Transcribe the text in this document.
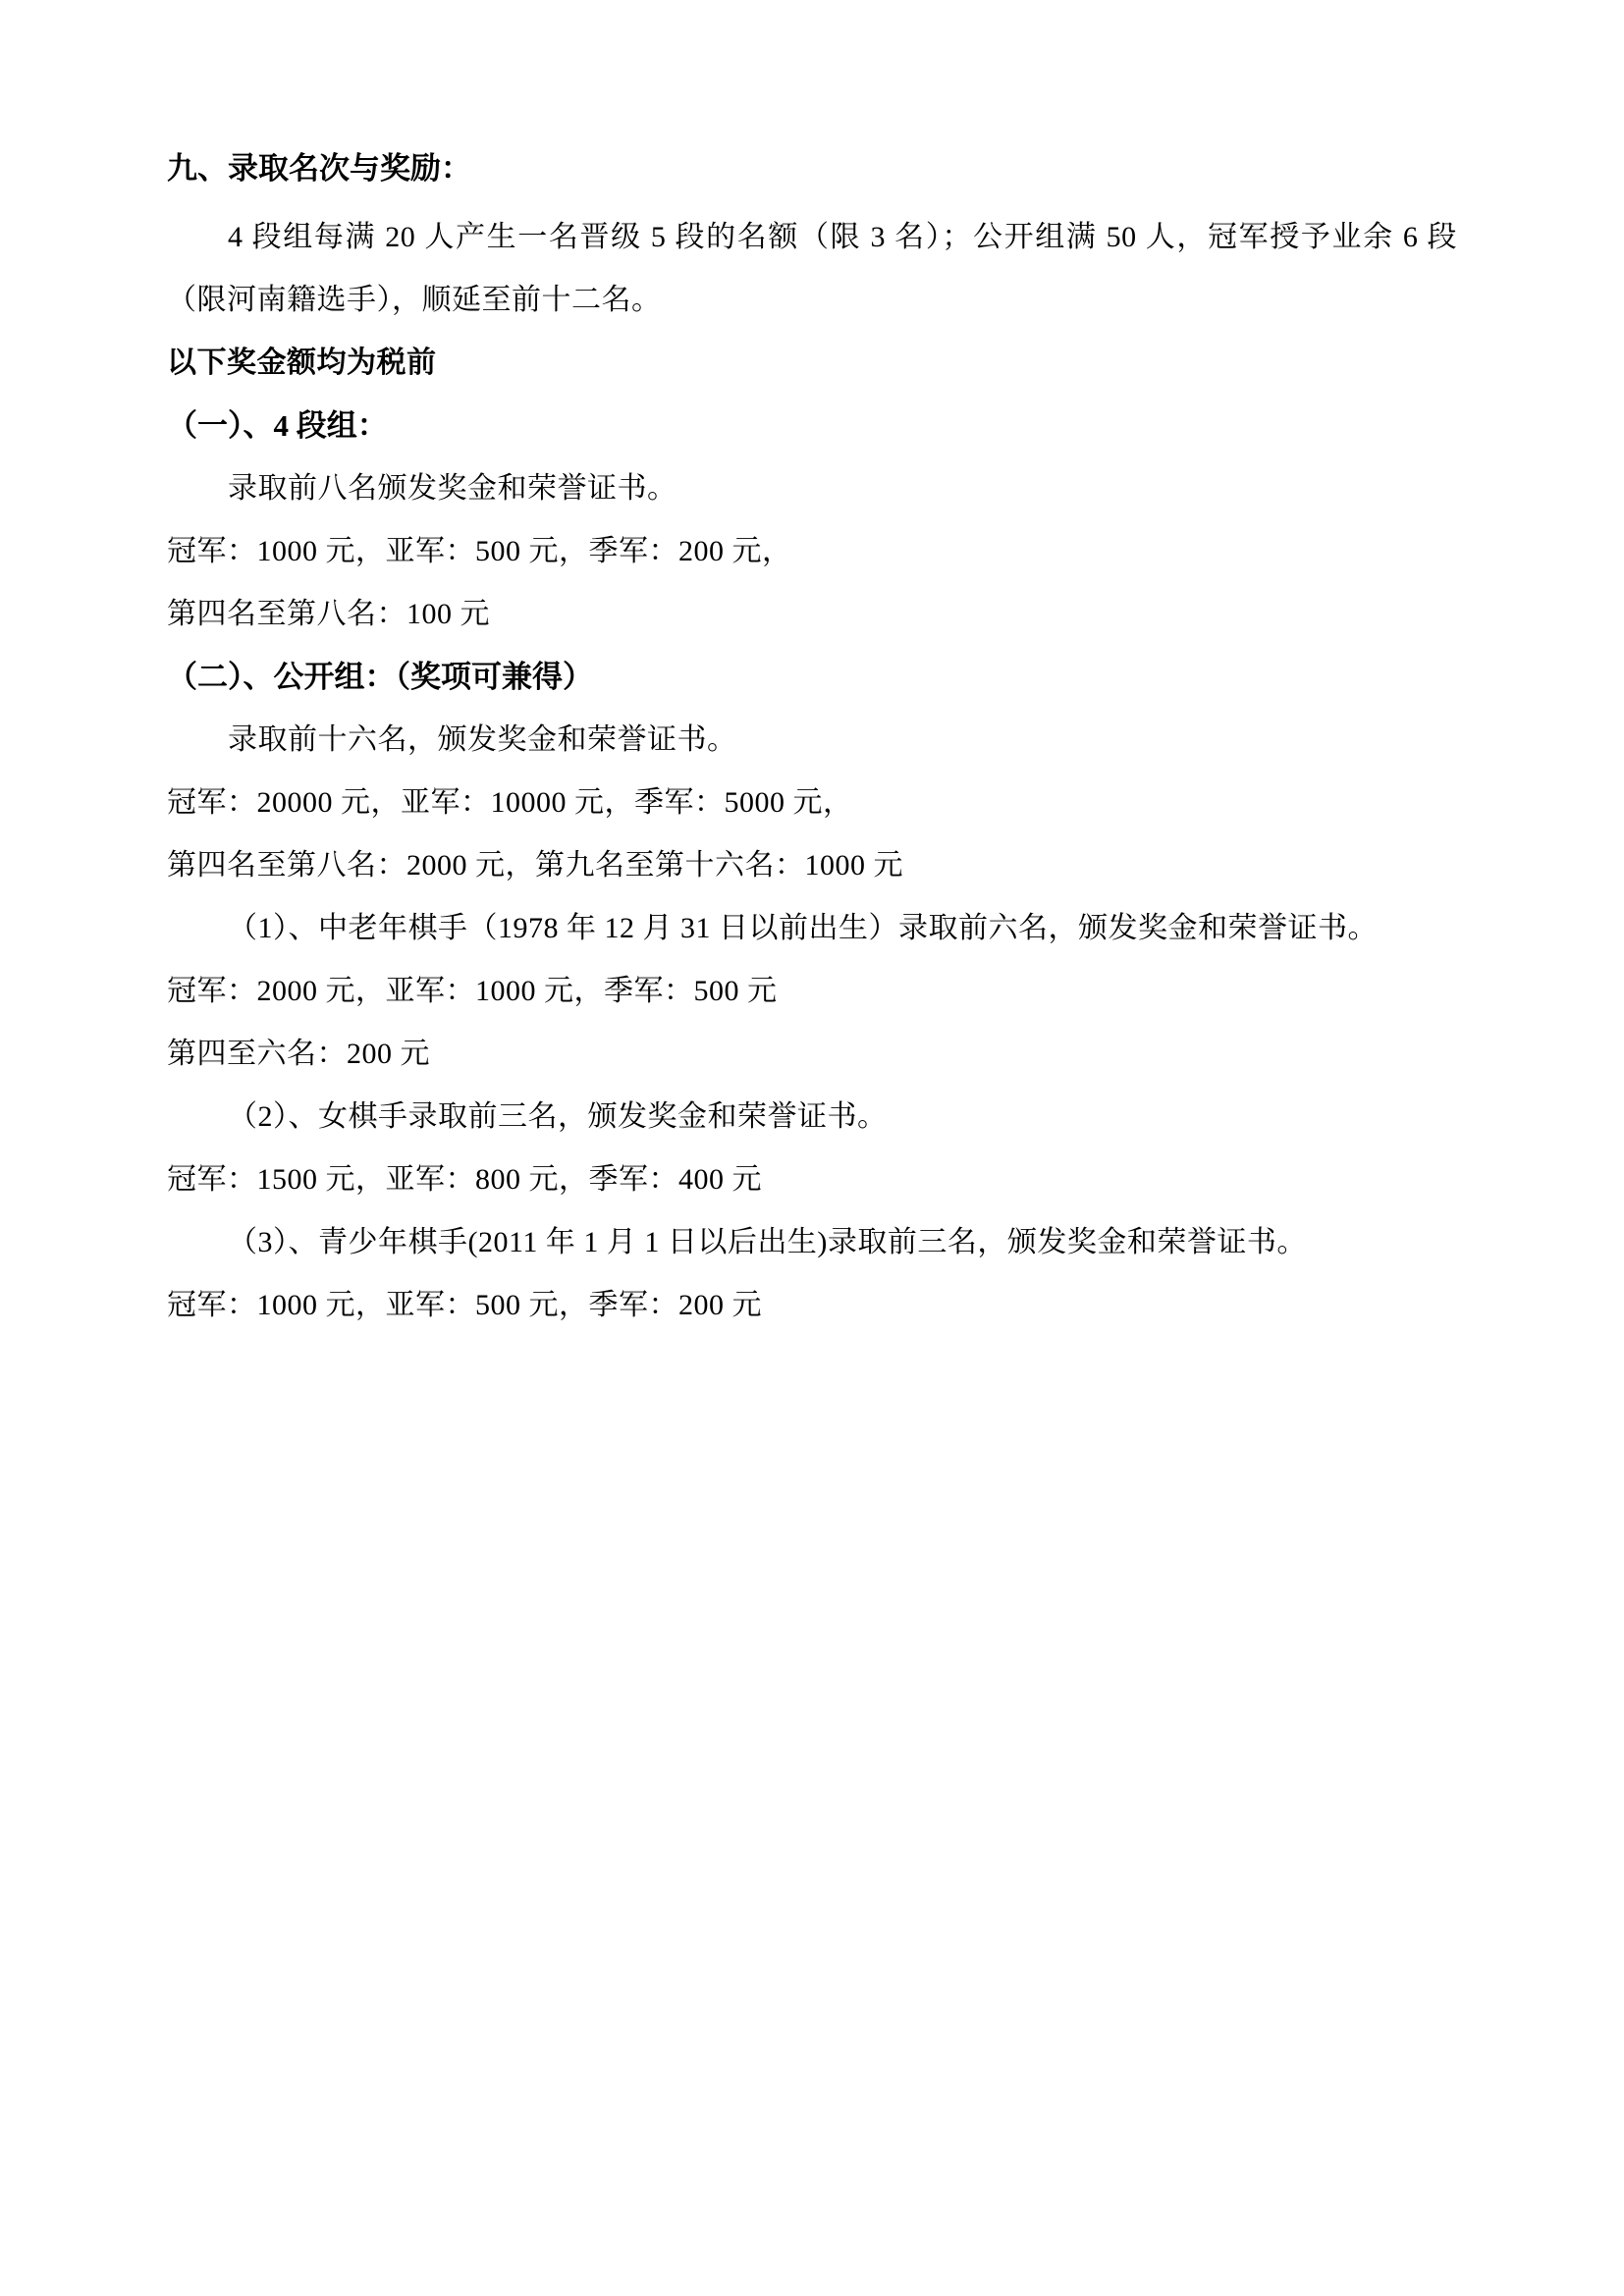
九、录取名次与奖励：

4 段组每满 20 人产生一名晋级 5 段的名额（限 3 名）；公开组满 50 人，冠军授予业余 6 段（限河南籍选手），顺延至前十二名。

以下奖金额均为税前

（一）、4 段组：

录取前八名颁发奖金和荣誉证书。

冠军：1000 元，亚军：500 元，季军：200 元，

第四名至第八名：100 元

（二）、公开组：（奖项可兼得）

录取前十六名，颁发奖金和荣誉证书。

冠军：20000 元，亚军：10000 元，季军：5000 元，

第四名至第八名：2000 元，第九名至第十六名：1000 元

（1）、中老年棋手（1978 年 12 月 31 日以前出生）录取前六名，颁发奖金和荣誉证书。

冠军：2000 元，亚军：1000 元，季军：500 元

第四至六名：200 元

（2）、女棋手录取前三名，颁发奖金和荣誉证书。

冠军：1500 元，亚军：800 元，季军：400 元

（3）、青少年棋手(2011 年 1 月 1 日以后出生)录取前三名，颁发奖金和荣誉证书。

冠军：1000 元，亚军：500 元，季军：200 元
